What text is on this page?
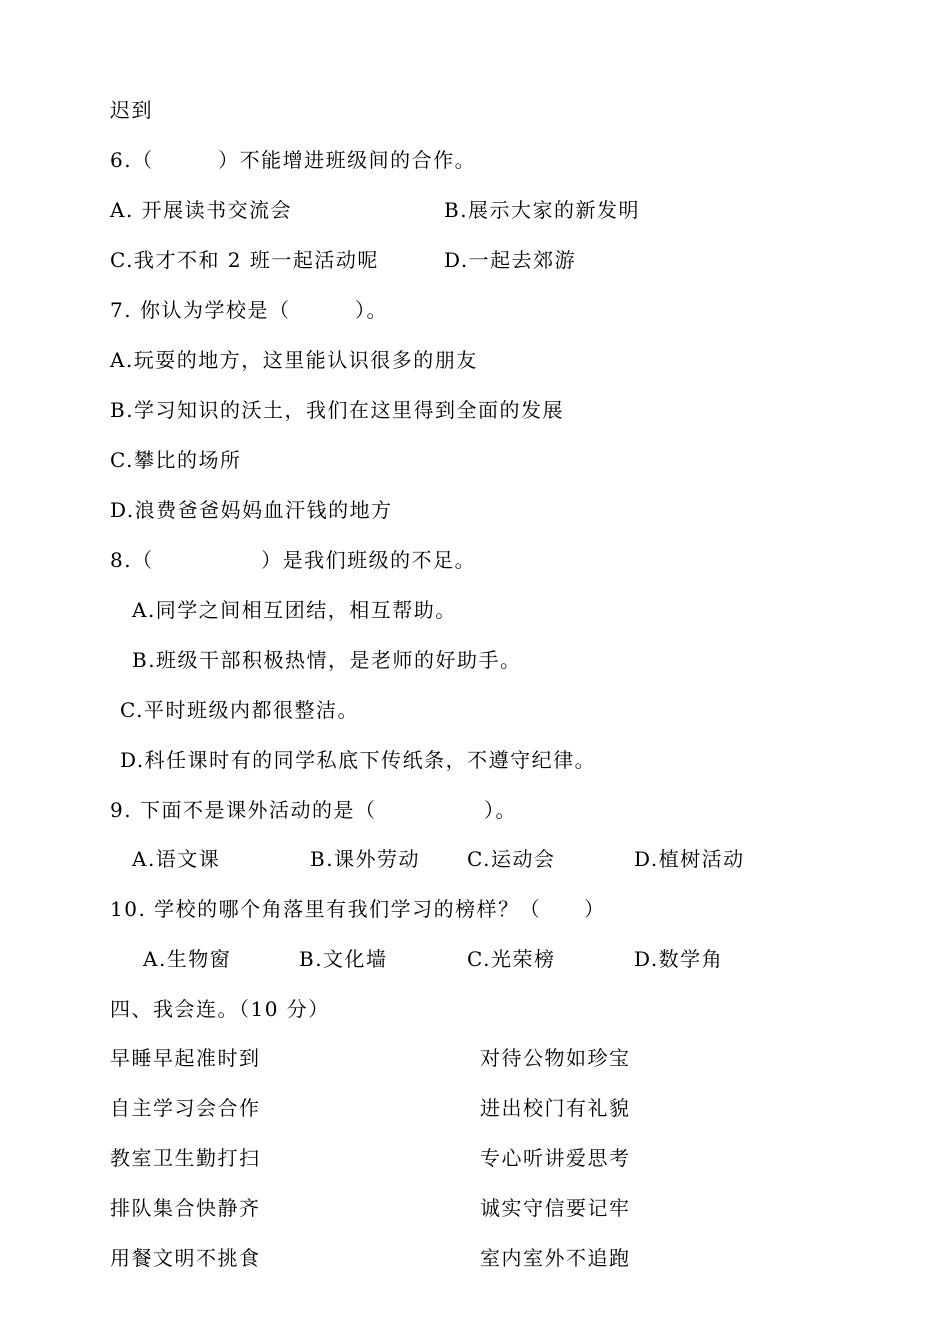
迟到
6.（　　　）不能增进班级间的合作。
A. 开展读书交流会	B.展示大家的新发明
C.我才不和 2 班一起活动呢	D.一起去郊游
7. 你认为学校是（　　　）。
A.玩耍的地方，这里能认识很多的朋友
B.学习知识的沃土，我们在这里得到全面的发展
C.攀比的场所
D.浪费爸爸妈妈血汗钱的地方
8.（　　　　　）是我们班级的不足。
A.同学之间相互团结，相互帮助。
B.班级干部积极热情，是老师的好助手。
C.平时班级内都很整洁。
D.科任课时有的同学私底下传纸条，不遵守纪律。
9. 下面不是课外活动的是（　　　　　）。
A.语文课	B.课外劳动 C.运动会	D.植树活动
10. 学校的哪个角落里有我们学习的榜样？（　　）
A.生物窗	B.文化墙	C.光荣榜	D.数学角
四、我会连。（10 分）
早睡早起准时到	对待公物如珍宝
自主学习会合作	进出校门有礼貌
教室卫生勤打扫	专心听讲爱思考
排队集合快静齐	诚实守信要记牢
用餐文明不挑食	室内室外不追跑
